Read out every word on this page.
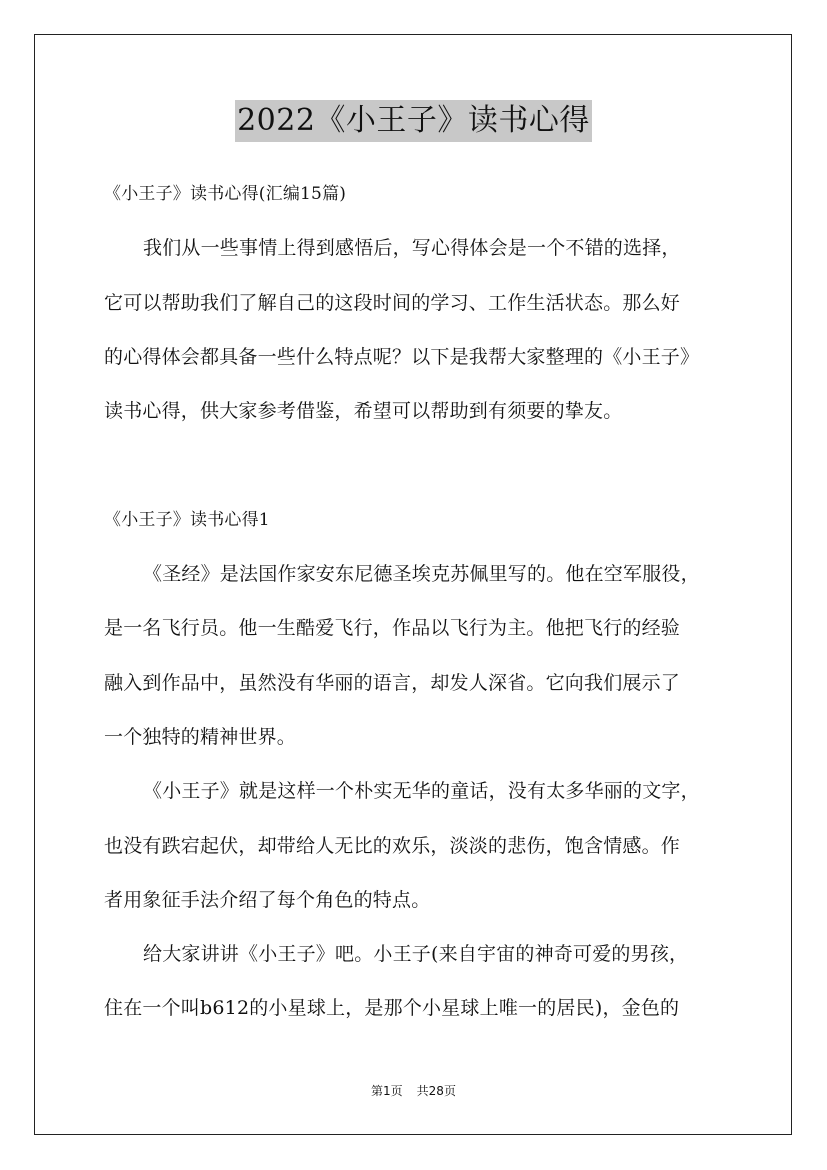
2022《小王子》读书心得
《小王子》读书心得(汇编15篇)
我们从一些事情上得到感悟后，写心得体会是一个不错的选择，
它可以帮助我们了解自己的这段时间的学习、工作生活状态。那么好
的心得体会都具备一些什么特点呢？以下是我帮大家整理的《小王子》
读书心得，供大家参考借鉴，希望可以帮助到有须要的挚友。
《小王子》读书心得1
《圣经》是法国作家安东尼德圣埃克苏佩里写的。他在空军服役，
是一名飞行员。他一生酷爱飞行，作品以飞行为主。他把飞行的经验
融入到作品中，虽然没有华丽的语言，却发人深省。它向我们展示了
一个独特的精神世界。
《小王子》就是这样一个朴实无华的童话，没有太多华丽的文字，
也没有跌宕起伏，却带给人无比的欢乐，淡淡的悲伤，饱含情感。作
者用象征手法介绍了每个角色的特点。
给大家讲讲《小王子》吧。小王子(来自宇宙的神奇可爱的男孩，
住在一个叫b612的小星球上，是那个小星球上唯一的居民)，金色的
第1页 共28页
